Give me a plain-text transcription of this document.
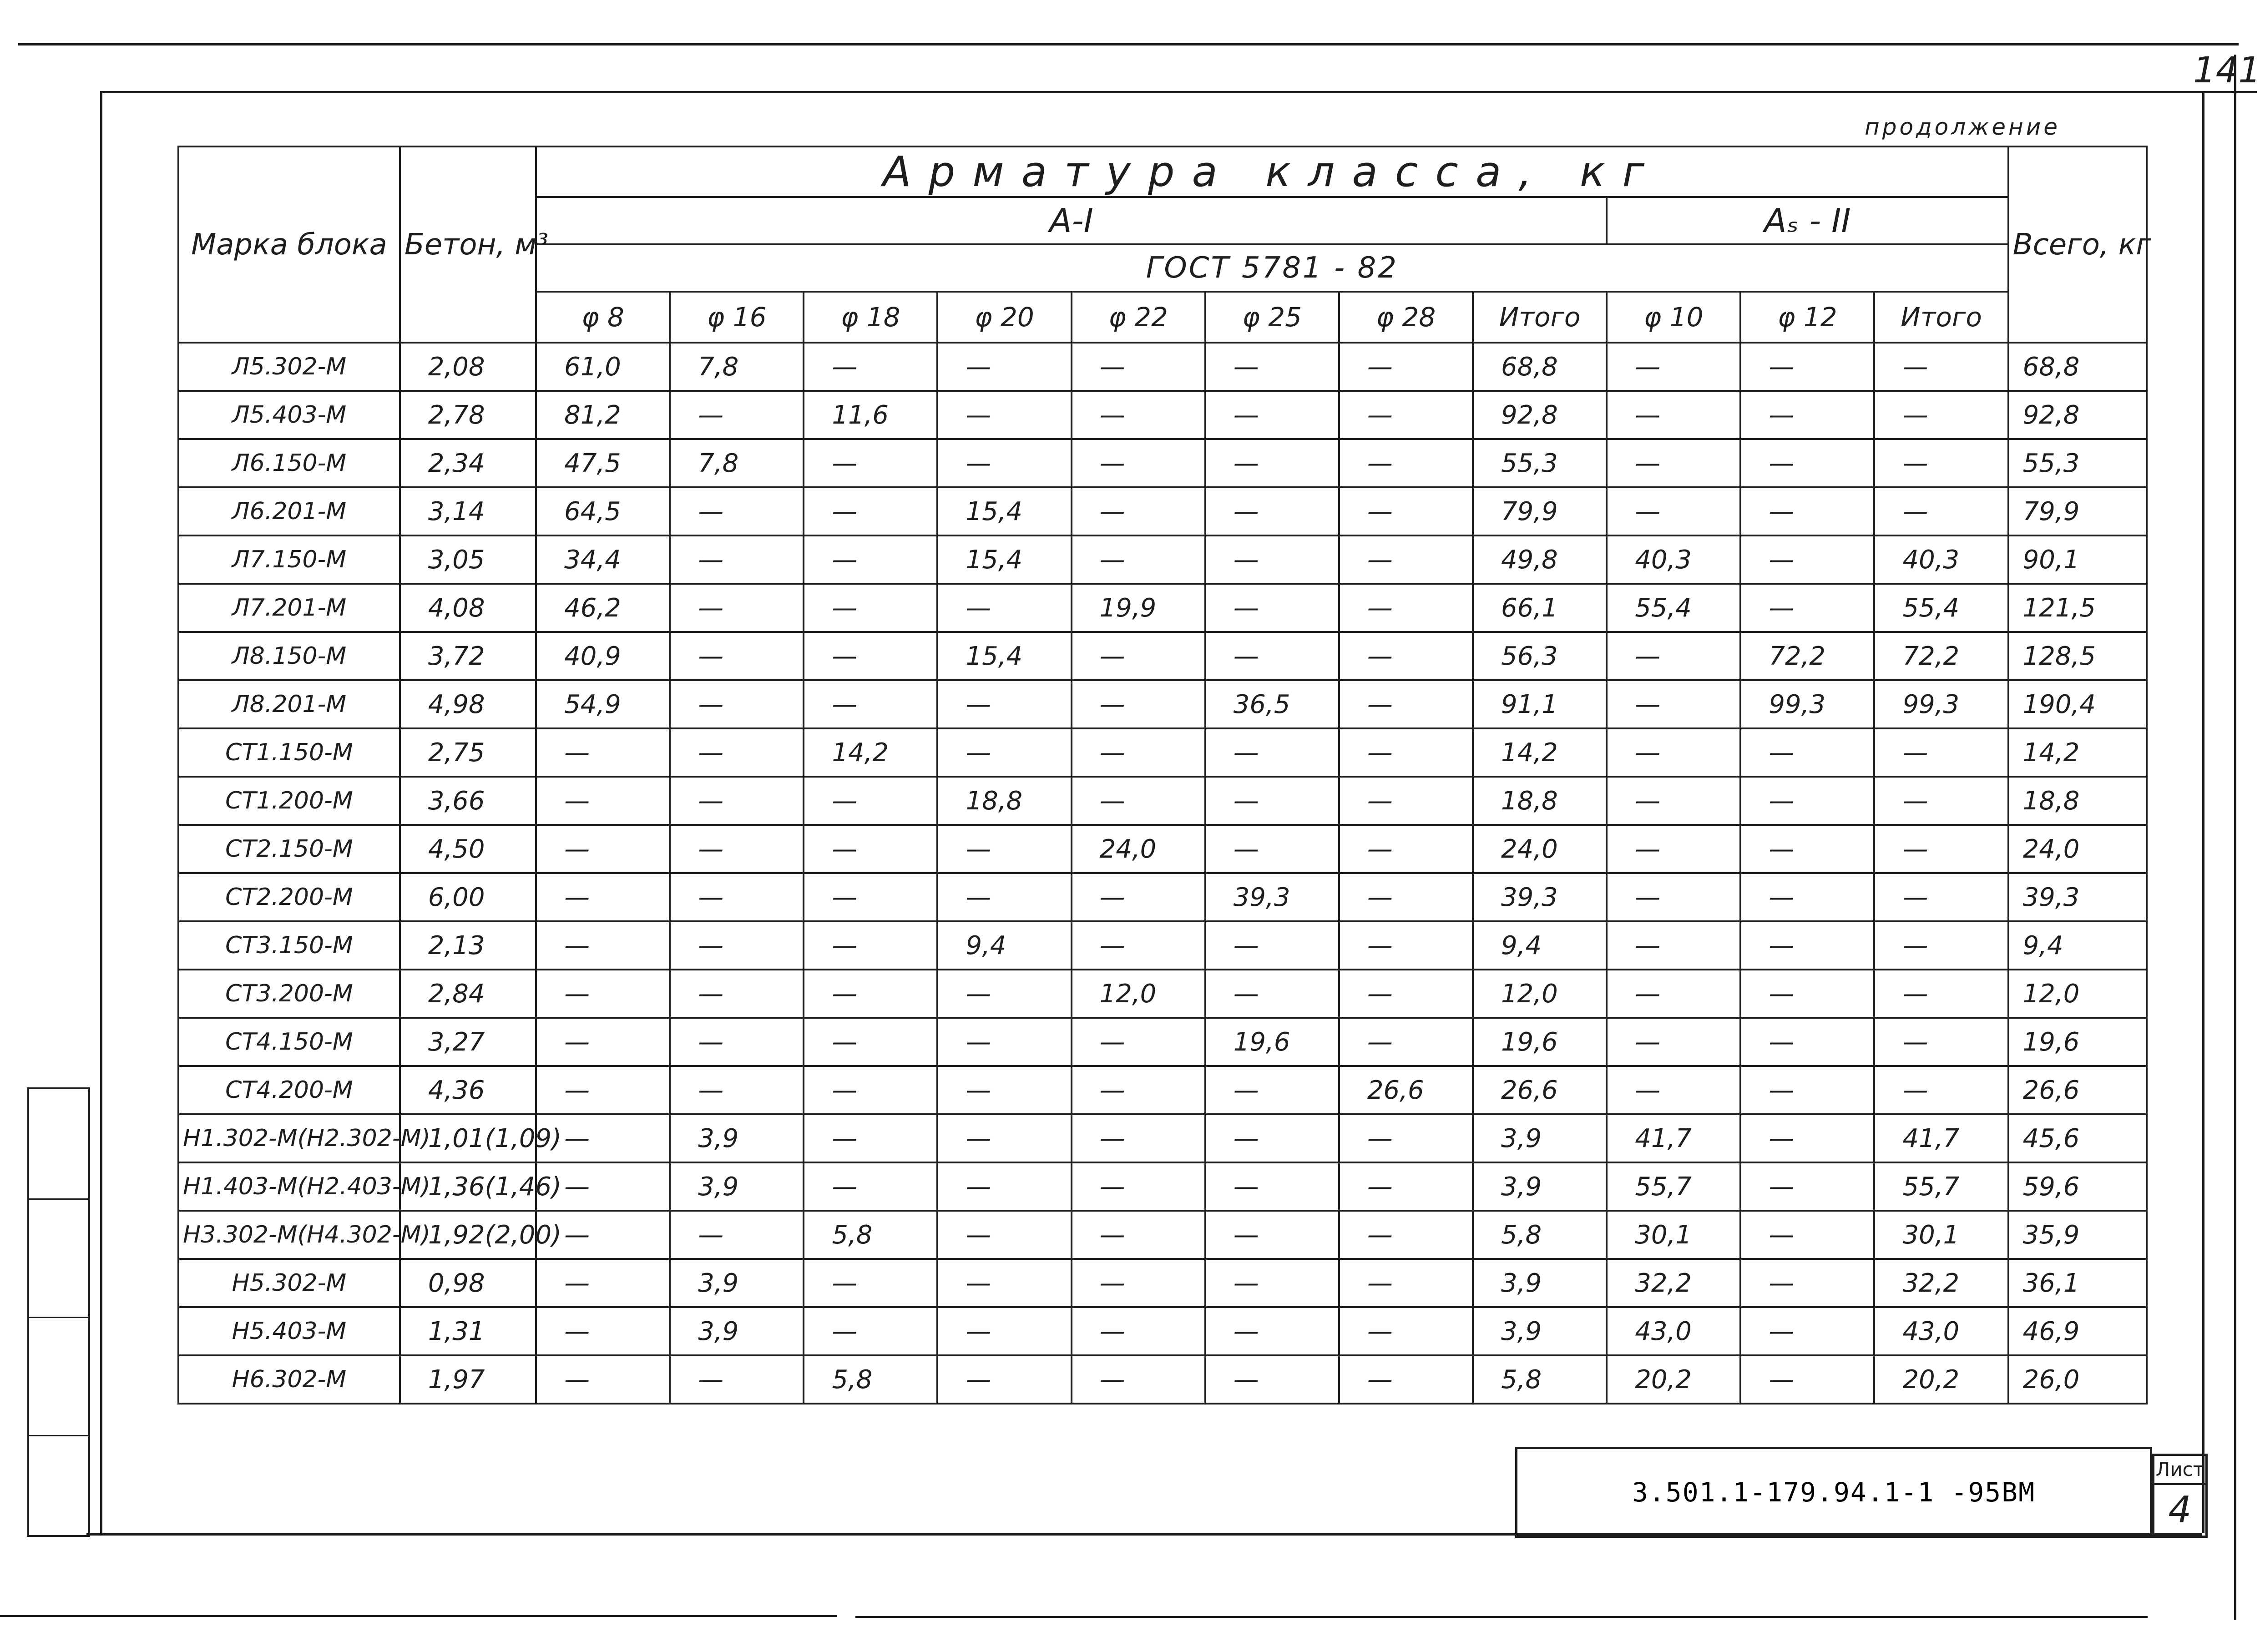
141
продолжение
Марка блока	Бетон, м³	Арматура класса, кг											Всего, кг
		А-I								Аₛ - II			
		ГОСТ 5781 - 82											
		φ 8	φ 16	φ 18	φ 20	φ 22	φ 25	φ 28	Итого	φ 10	φ 12	Итого	
Л5.302-М	2,08	61,0	7,8	—	—	—	—	—	68,8	—	—	—	68,8
Л5.403-М	2,78	81,2	—	11,6	—	—	—	—	92,8	—	—	—	92,8
Л6.150-М	2,34	47,5	7,8	—	—	—	—	—	55,3	—	—	—	55,3
Л6.201-М	3,14	64,5	—	—	15,4	—	—	—	79,9	—	—	—	79,9
Л7.150-М	3,05	34,4	—	—	15,4	—	—	—	49,8	40,3	—	40,3	90,1
Л7.201-М	4,08	46,2	—	—	—	19,9	—	—	66,1	55,4	—	55,4	121,5
Л8.150-М	3,72	40,9	—	—	15,4	—	—	—	56,3	—	72,2	72,2	128,5
Л8.201-М	4,98	54,9	—	—	—	—	36,5	—	91,1	—	99,3	99,3	190,4
СТ1.150-М	2,75	—	—	14,2	—	—	—	—	14,2	—	—	—	14,2
СТ1.200-М	3,66	—	—	—	18,8	—	—	—	18,8	—	—	—	18,8
СТ2.150-М	4,50	—	—	—	—	24,0	—	—	24,0	—	—	—	24,0
СТ2.200-М	6,00	—	—	—	—	—	39,3	—	39,3	—	—	—	39,3
СТ3.150-М	2,13	—	—	—	9,4	—	—	—	9,4	—	—	—	9,4
СТ3.200-М	2,84	—	—	—	—	12,0	—	—	12,0	—	—	—	12,0
СТ4.150-М	3,27	—	—	—	—	—	19,6	—	19,6	—	—	—	19,6
СТ4.200-М	4,36	—	—	—	—	—	—	26,6	26,6	—	—	—	26,6
Н1.302-М(Н2.302-М)	1,01(1,09)	—	3,9	—	—	—	—	—	3,9	41,7	—	41,7	45,6
Н1.403-М(Н2.403-М)	1,36(1,46)	—	3,9	—	—	—	—	—	3,9	55,7	—	55,7	59,6
Н3.302-М(Н4.302-М)	1,92(2,00)	—	—	5,8	—	—	—	—	5,8	30,1	—	30,1	35,9
Н5.302-М	0,98	—	3,9	—	—	—	—	—	3,9	32,2	—	32,2	36,1
Н5.403-М	1,31	—	3,9	—	—	—	—	—	3,9	43,0	—	43,0	46,9
Н6.302-М	1,97	—	—	5,8	—	—	—	—	5,8	20,2	—	20,2	26,0
3.501.1-179.94.1-1 -95ВМ
Лист
4
